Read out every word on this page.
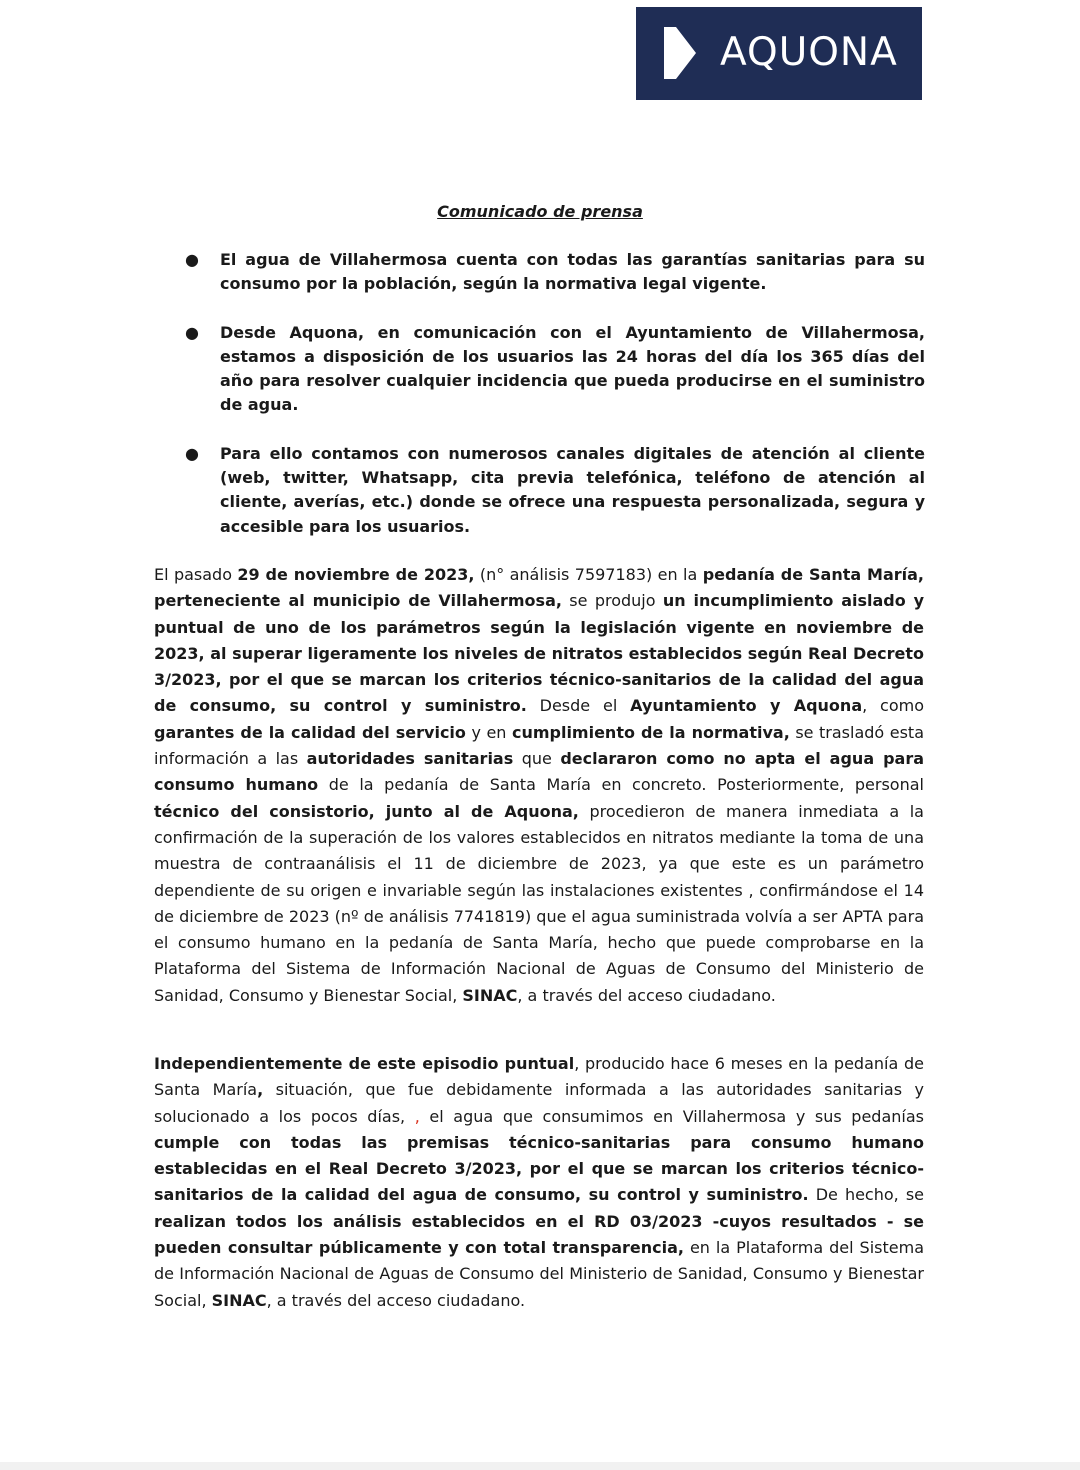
AQUONA
Comunicado de prensa
● El agua de Villahermosa cuenta con todas las garantías sanitarias para su consumo por la población, según la normativa legal vigente.
● Desde Aquona, en comunicación con el Ayuntamiento de Villahermosa, estamos a disposición de los usuarios las 24 horas del día los 365 días del año para resolver cualquier incidencia que pueda producirse en el suministro de agua.
● Para ello contamos con numerosos canales digitales de atención al cliente (web, twitter, Whatsapp, cita previa telefónica, teléfono de atención al cliente, averías, etc.) donde se ofrece una respuesta personalizada, segura y accesible para los usuarios.

El pasado 29 de noviembre de 2023, (n° análisis 7597183) en la pedanía de Santa María, perteneciente al municipio de Villahermosa, se produjo un incumplimiento aislado y puntual de uno de los parámetros según la legislación vigente en noviembre de 2023, al superar ligeramente los niveles de nitratos establecidos según Real Decreto 3/2023, por el que se marcan los criterios técnico-sanitarios de la calidad del agua de consumo, su control y suministro. Desde el Ayuntamiento y Aquona, como garantes de la calidad del servicio y en cumplimiento de la normativa, se trasladó esta información a las autoridades sanitarias que declararon como no apta el agua para consumo humano de la pedanía de Santa María en concreto. Posteriormente, personal técnico del consistorio, junto al de Aquona, procedieron de manera inmediata a la confirmación de la superación de los valores establecidos en nitratos mediante la toma de una muestra de contraanálisis el 11 de diciembre de 2023, ya que este es un parámetro dependiente de su origen e invariable según las instalaciones existentes , confirmándose el 14 de diciembre de 2023 (nº de análisis 7741819) que el agua suministrada volvía a ser APTA para el consumo humano en la pedanía de Santa María, hecho que puede comprobarse en la Plataforma del Sistema de Información Nacional de Aguas de Consumo del Ministerio de Sanidad, Consumo y Bienestar Social, SINAC, a través del acceso ciudadano.

Independientemente de este episodio puntual, producido hace 6 meses en la pedanía de Santa María, situación, que fue debidamente informada a las autoridades sanitarias y solucionado a los pocos días, , el agua que consumimos en Villahermosa y sus pedanías cumple con todas las premisas técnico-sanitarias para consumo humano establecidas en el Real Decreto 3/2023, por el que se marcan los criterios técnico-sanitarios de la calidad del agua de consumo, su control y suministro. De hecho, se realizan todos los análisis establecidos en el RD 03/2023 -cuyos resultados - se pueden consultar públicamente y con total transparencia, en la Plataforma del Sistema de Información Nacional de Aguas de Consumo del Ministerio de Sanidad, Consumo y Bienestar Social, SINAC, a través del acceso ciudadano.
